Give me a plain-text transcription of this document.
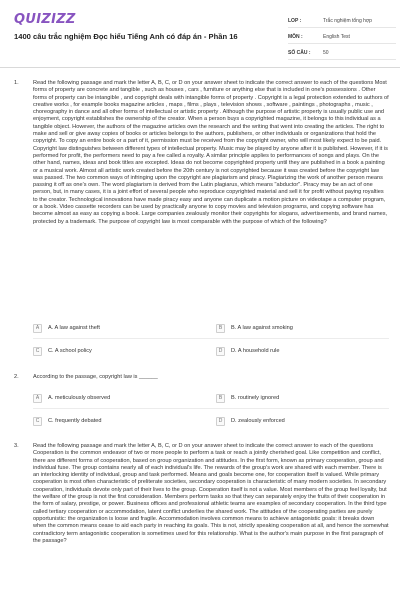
QUIZIZZ
1400 câu trắc nghiệm Đọc hiểu Tiếng Anh có đáp án - Phần 16
LOP :	Trắc nghiệm tổng hợp
MÔN :	English Test
SỐ CÂU :	50
1.	Read the following passage and mark the letter A, B, C, or D on your answer sheet to indicate the correct answer to each of the questions Most forms of property are concrete and tangible , such as houses , cars , furniture or anything else that is included in one's possessions . Other forms of property can be intangible , and copyright deals with intangible forms of property . Copyright is a legal protection extended to authors of creative works , for example books magazine articles , maps , films , plays , television shows , software , paintings , photographs , music , choreography in dance and all other forms of intellectual or artistic property . Although the purpose of artistic property is usually public use and enjoyment, copyright establishes the ownership of the creator. When a person buys a copyrighted magazine, it belongs to this individual as a tangible object. However, the authors of the magazine articles own the research and the writing that went into creating the articles. The right to make and sell or give away copies of books or articles belongs to the authors, publishers, or other individuals or organizations that hold the copyright. To copy an entire book or a part of it, permission must be received from the copyright owner, who will most likely expect to be paid. Copyright law distinguishes between different types of intellectual property. Music may be played by anyone after it is published. However, if it is performed for profit, the performers need to pay a fee called a royalty. A similar principle applies to performances of songs and plays. On the other hand, names, ideas and book titles are excepted. Ideas do not become copyrighted property until they are published in a book a painting or a musical work. Almost all artistic work created before the 20th century is not copyrighted because it was created before the copyright law was passed. The two common ways of infringing upon the copyright are plagiarism and piracy. Plagiarizing the work of another person means passing it off as one's own. The word plagiarism is derived from the Latin plagiarus, which means "abductor". Piracy may be an act of one person, but, in many cases, it is a joint effort of several people who reproduce copyrighted material and sell it for profit without paying royalties to the creator. Technological innovations have made piracy easy and anyone can duplicate a motion picture on videotape a computer program, or a book. Video cassette recorders can be used by practically anyone to copy movies and television programs, and copying software has become almost as easy as copying a book. Large companies zealously monitor their copyrights for slogans, advertisements, and brand names, protected by a trademark. The purpose of copyright law is most comparable with the purpose of which of the following?
A	A. A law against theft	B	B. A law against smoking
C	C. A school policy	D	D. A household rule
2.	According to the passage, copyright law is ______
A	A. meticulously observed	B	B. routinely ignored
C	C. frequently debated	D	D. zealously enforced
3.	Read the following passage and mark the letter A, B, C, or D on your answer sheet to indicate the correct answer to each of the questions Cooperation is the common endeavor of two or more people to perform a task or reach a jointly cherished goal. Like competition and conflict, there are different forms of cooperation, based on group organization and attitudes. In the first form, known as primary cooperation, group and individual fuse. The group contains nearly all of each individual's life. The rewards of the group's work are shared with each member. There is an interlocking identity of individual, group and task performed. Means and goals become one, for cooperation itself is valued. While primary cooperation is most often characteristic of preliterate societies, secondary cooperation is characteristic of many modern societies. In secondary cooperation, individuals devote only part of their lives to the group. Cooperation itself is not a value. Most members of the group feel loyalty, but the welfare of the group is not the first consideration. Members perform tasks so that they can separately enjoy the fruits of their cooperation in the form of salary, prestige, or power. Business offices and professional athletic teams are examples of secondary cooperation. In the third type called tertiary cooperation or accommodation, latent conflict underlies the shared work. The attitudes of the cooperating parties are purely opportunistic: the organization is loose and fragile. Accommodation involves common means to achieve antagonistic goals: it breaks down when the common means cease to aid each party in reaching its goals. This is not, strictly speaking cooperation at all, and hence the somewhat contradictory term antagonistic cooperation is sometimes used for this relationship. What is the author's main purpose in the first paragraph of the passage?
